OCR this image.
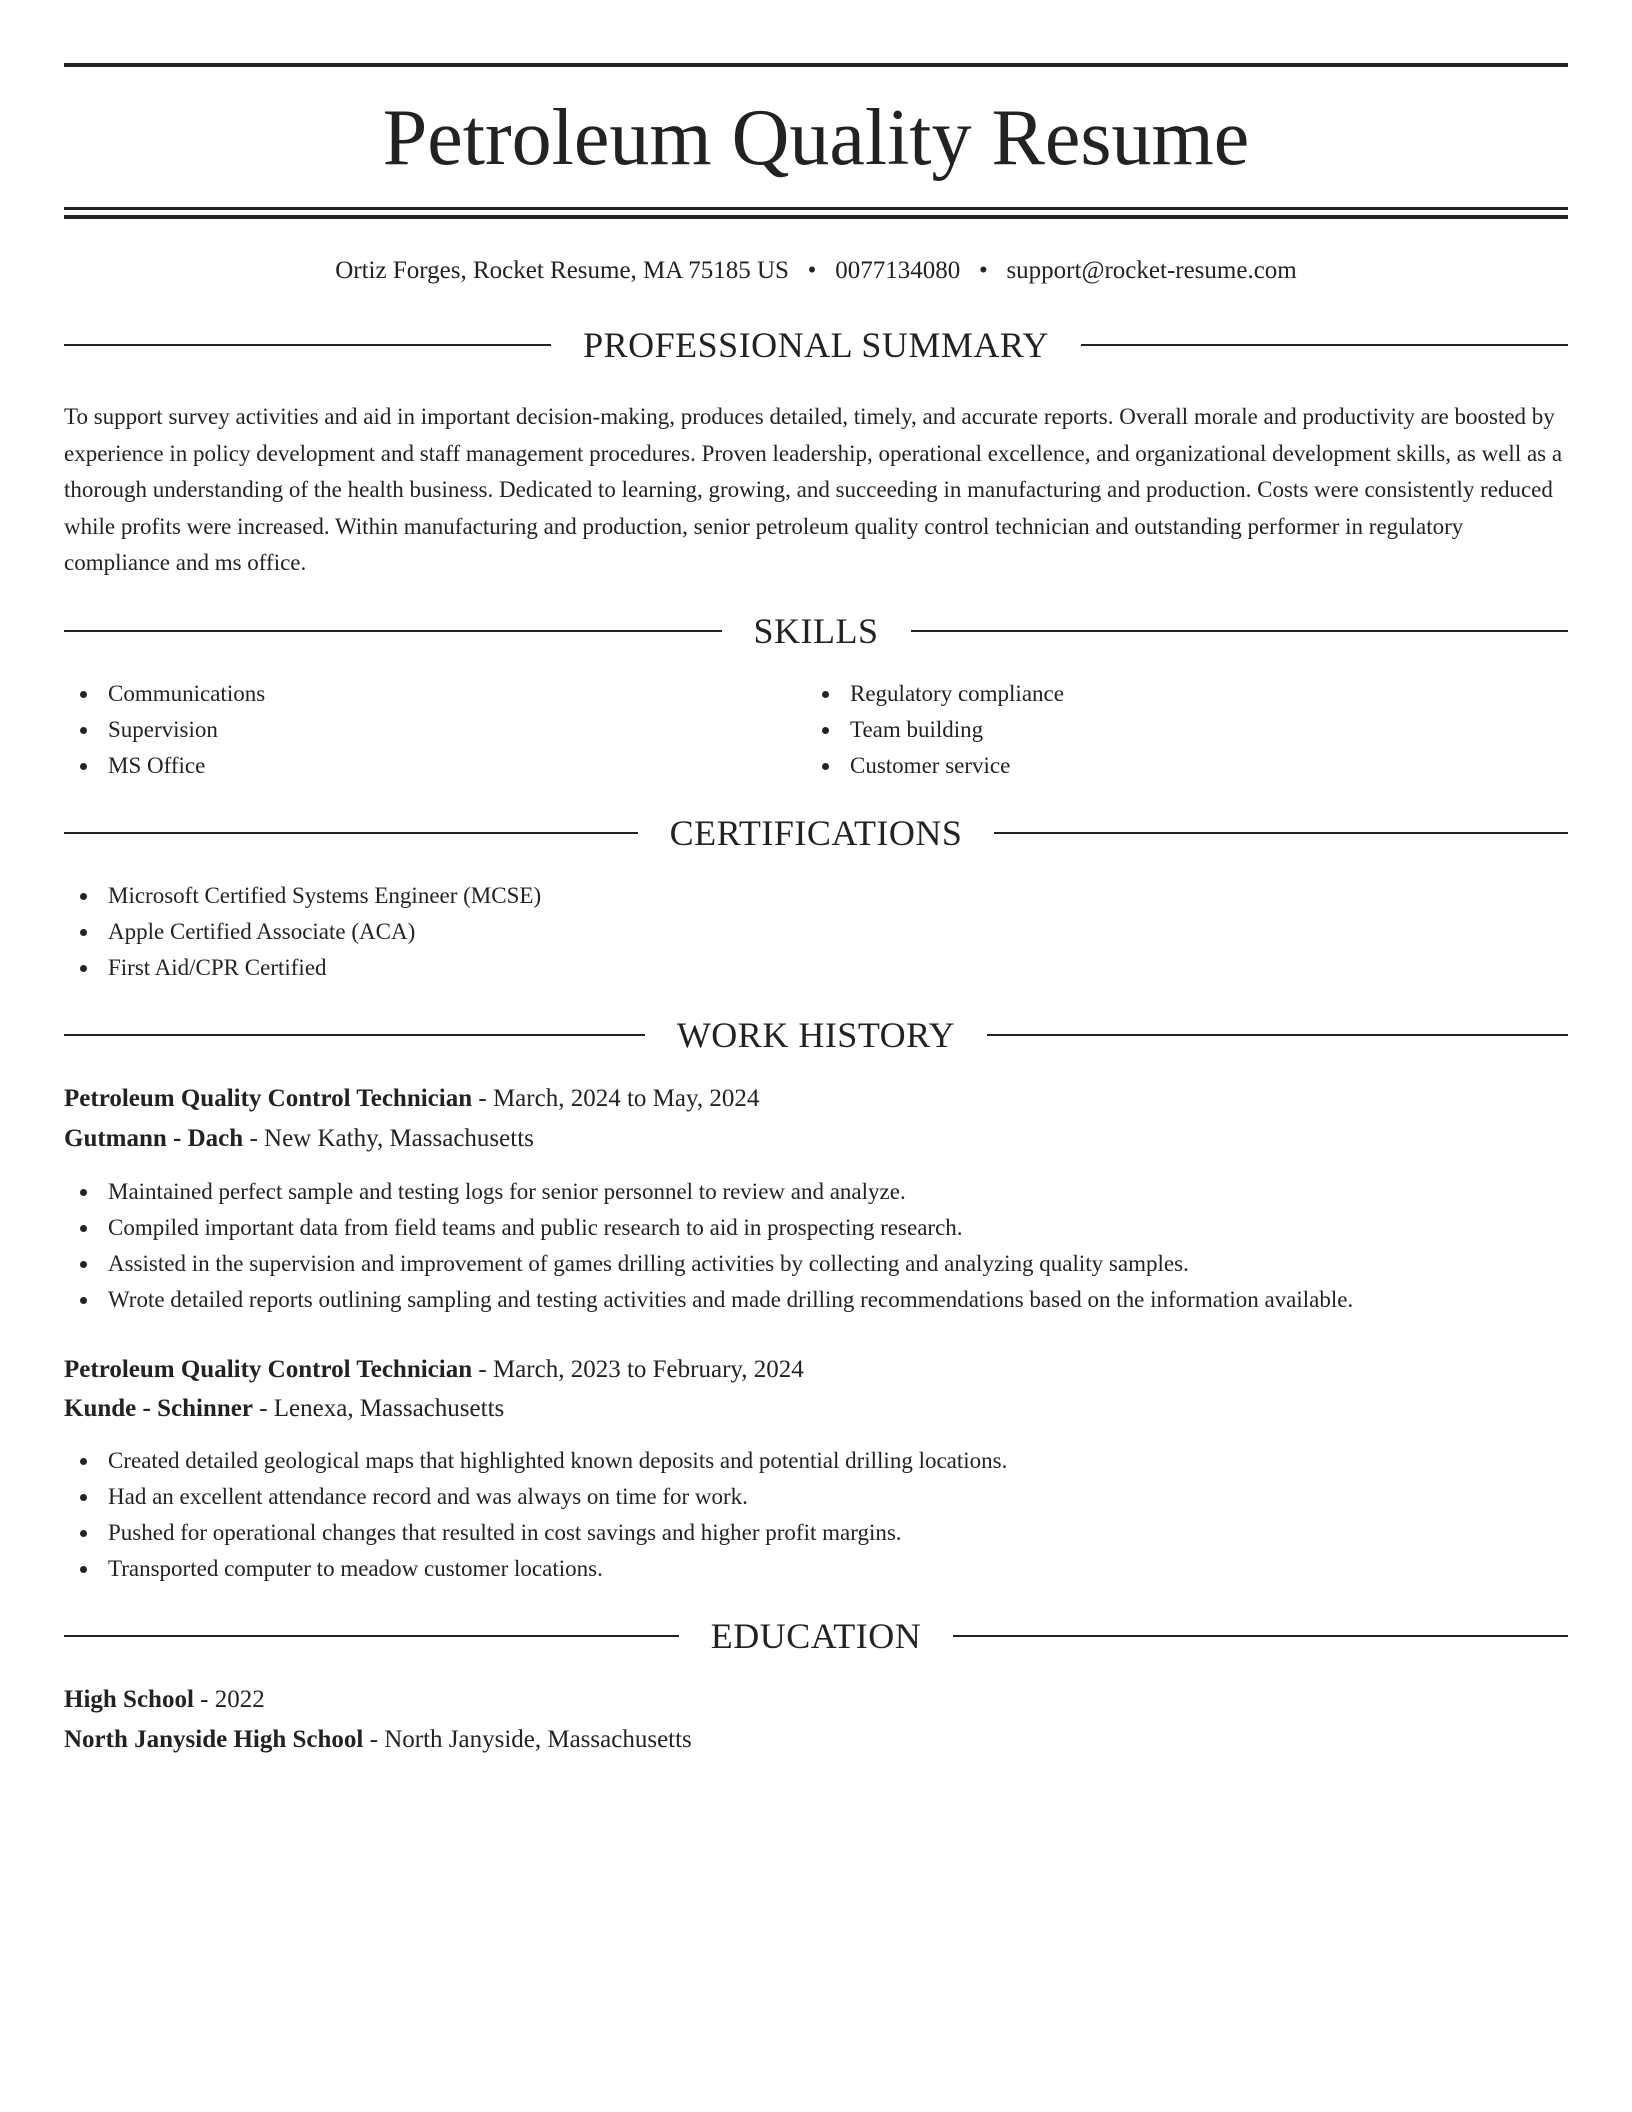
Petroleum Quality Resume
Ortiz Forges, Rocket Resume, MA 75185 US • 0077134080 • support@rocket-resume.com
PROFESSIONAL SUMMARY

To support survey activities and aid in important decision-making, produces detailed, timely, and accurate reports. Overall morale and productivity are boosted by experience in policy development and staff management procedures. Proven leadership, operational excellence, and organizational development skills, as well as a thorough understanding of the health business. Dedicated to learning, growing, and succeeding in manufacturing and production. Costs were consistently reduced while profits were increased. Within manufacturing and production, senior petroleum quality control technician and outstanding performer in regulatory compliance and ms office.

SKILLS
Communications
Supervision
MS Office
Regulatory compliance
Team building
Customer service
CERTIFICATIONS
Microsoft Certified Systems Engineer (MCSE)
Apple Certified Associate (ACA)
First Aid/CPR Certified
WORK HISTORY
Petroleum Quality Control Technician - March, 2024 to May, 2024
Gutmann - Dach - New Kathy, Massachusetts
Maintained perfect sample and testing logs for senior personnel to review and analyze.
Compiled important data from field teams and public research to aid in prospecting research.
Assisted in the supervision and improvement of games drilling activities by collecting and analyzing quality samples.
Wrote detailed reports outlining sampling and testing activities and made drilling recommendations based on the information available.
Petroleum Quality Control Technician - March, 2023 to February, 2024
Kunde - Schinner - Lenexa, Massachusetts
Created detailed geological maps that highlighted known deposits and potential drilling locations.
Had an excellent attendance record and was always on time for work.
Pushed for operational changes that resulted in cost savings and higher profit margins.
Transported computer to meadow customer locations.
EDUCATION
High School - 2022
North Janyside High School - North Janyside, Massachusetts
